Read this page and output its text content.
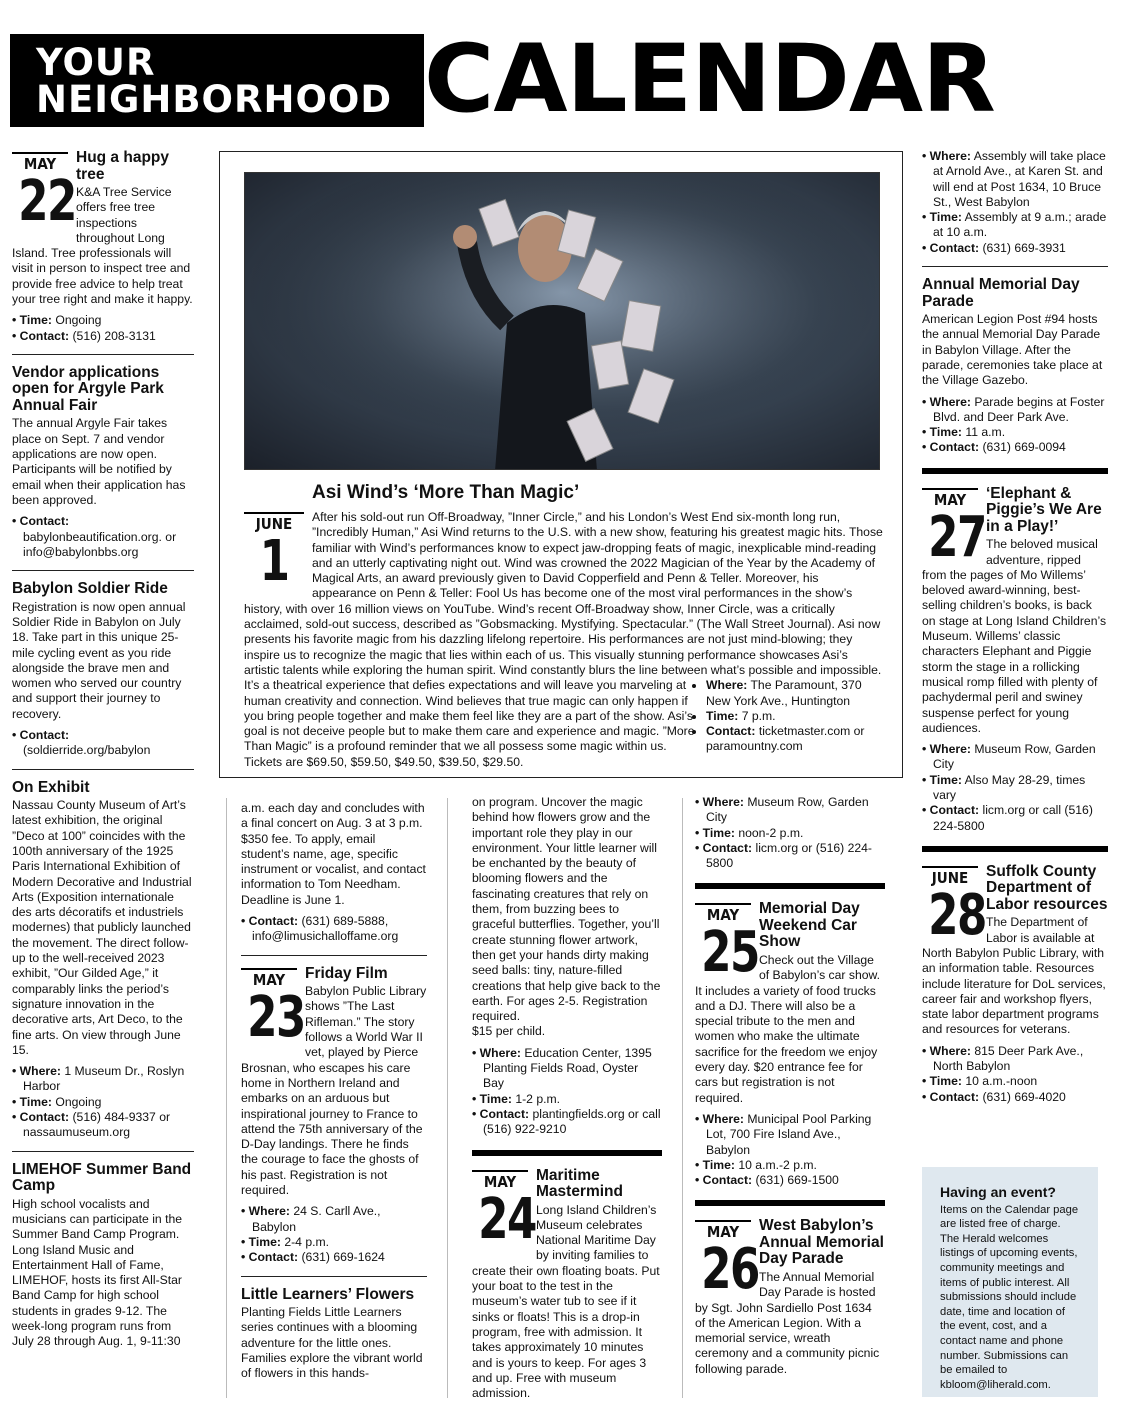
YOUR
NEIGHBORHOOD CALENDAR
MAY
22
Hug a happy tree

K&A Tree Service offers free tree inspections throughout Long Island. Tree professionals will visit in person to inspect tree and provide free advice to help treat your tree right and make it happy.

• Time: Ongoing
• Contact: (516) 208-3131
Vendor applications open for Argyle Park Annual Fair

The annual Argyle Fair takes place on Sept. 7 and vendor applications are now open. Participants will be notified by email when their application has been approved.

• Contact: babylonbeautification.org. or info@babylonbbs.org
Babylon Soldier Ride

Registration is now open annual Soldier Ride in Babylon on July 18. Take part in this unique 25-mile cycling event as you ride alongside the brave men and women who served our country and support their journey to recovery.

• Contact: (soldierride.org/babylon
On Exhibit

Nassau County Museum of Art’s latest exhibition, the original ”Deco at 100” coincides with the 100th anniversary of the 1925 Paris International Exhibition of Modern Decorative and Industrial Arts (Exposition internationale des arts décoratifs et industriels modernes) that publicly launched the movement. The direct follow-up to the well-received 2023 exhibit, ”Our Gilded Age,” it comparably links the period’s signature innovation in the decorative arts, Art Deco, to the fine arts. On view through June 15.

• Where: 1 Museum Dr., Roslyn Harbor
• Time: Ongoing
• Contact: (516) 484-9337 or nassaumuseum.org
LIMEHOF Summer Band Camp

High school vocalists and musicians can participate in the Summer Band Camp Program. Long Island Music and Entertainment Hall of Fame, LIMEHOF, hosts its first All-Star Band Camp for high school students in grades 9-12. The week-long program runs from July 28 through Aug. 1, 9-11:30

Asi Wind’s ‘More Than Magic’
JUNE
1

After his sold-out run Off-Broadway, ”Inner Circle,” and his London’s West End six-month long run, ”Incredibly Human,” Asi Wind returns to the U.S. with a new show, featuring his greatest magic hits. Those familiar with Wind’s performances know to expect jaw-dropping feats of magic, inexplicable mind-reading and an utterly captivating night out. Wind was crowned the 2022 Magician of the Year by the Academy of Magical Arts, an award previously given to David Copperfield and Penn & Teller. Moreover, his appearance on Penn & Teller: Fool Us has become one of the most viral performances in the show’s history, with over 16 million views on YouTube. Wind’s recent Off-Broadway show, Inner Circle, was a critically acclaimed, sold-out success, described as ”Gobsmacking. Mystifying. Spectacular.” (The Wall Street Journal). Asi now presents his favorite magic from his dazzling lifelong repertoire. His performances are not just mind-blowing; they inspire us to recognize the magic that lies within each of us. This visually stunning performance showcases Asi’s artistic talents while exploring the human spirit. Wind constantly blurs the line between what’s possible and impossible.

It’s a theatrical experience that defies expectations and will leave you marveling at human creativity and connection. Wind believes that true magic can only happen if you bring people together and make them feel like they are a part of the show. Asi’s goal is not deceive people but to make them care and experience and magic. ”More Than Magic” is a profound reminder that we all possess some magic within us. Tickets are $69.50, $59.50, $49.50, $39.50, $29.50.

• Where: The Paramount, 370 New York Ave., Huntington
• Time: 7 p.m.
• Contact: ticketmaster.com or paramountny.com

a.m. each day and concludes with a final concert on Aug. 3 at 3 p.m. $350 fee. To apply, email student’s name, age, specific instrument or vocalist, and contact information to Tom Needham. Deadline is June 1.

• Contact: (631) 689-5888, info@limusichalloffame.org
MAY
23
Friday Film

Babylon Public Library shows ”The Last Rifleman.” The story follows a World War II vet, played by Pierce Brosnan, who escapes his care home in Northern Ireland and embarks on an arduous but inspirational journey to France to attend the 75th anniversary of the D-Day landings. There he finds the courage to face the ghosts of his past. Registration is not required.

• Where: 24 S. Carll Ave., Babylon
• Time: 2-4 p.m.
• Contact: (631) 669-1624
Little Learners’ Flowers

Planting Fields Little Learners series continues with a blooming adventure for the little ones. Families explore the vibrant world of flowers in this hands-

on program. Uncover the magic behind how flowers grow and the important role they play in our environment. Your little learner will be enchanted by the beauty of blooming flowers and the fascinating creatures that rely on them, from buzzing bees to graceful butterflies. Together, you’ll create stunning flower artwork, then get your hands dirty making seed balls: tiny, nature-filled creations that help give back to the earth. For ages 2-5. Registration required.

$15 per child.

• Where: Education Center, 1395 Planting Fields Road, Oyster Bay
• Time: 1-2 p.m.
• Contact: plantingfields.org or call (516) 922-9210
MAY
24
Maritime Mastermind

Long Island Children’s Museum celebrates National Maritime Day by inviting families to create their own floating boats. Put your boat to the test in the museum’s water tub to see if it sinks or floats! This is a drop-in program, free with admission. It takes approximately 10 minutes and is yours to keep. For ages 3 and up. Free with museum admission.

• Where: Museum Row, Garden City
• Time: noon-2 p.m.
• Contact: licm.org or (516) 224-5800
MAY
25
Memorial Day Weekend Car Show

Check out the Village of Babylon’s car show. It includes a variety of food trucks and a DJ. There will also be a special tribute to the men and women who make the ultimate sacrifice for the freedom we enjoy every day. $20 entrance fee for cars but registration is not required.

• Where: Municipal Pool Parking Lot, 700 Fire Island Ave., Babylon
• Time: 10 a.m.-2 p.m.
• Contact: (631) 669-1500
MAY
26
West Babylon’s Annual Memorial Day Parade

The Annual Memorial Day Parade is hosted by Sgt. John Sardiello Post 1634 of the American Legion. With a memorial service, wreath ceremony and a community picnic following parade.

• Where: Assembly will take place at Arnold Ave., at Karen St. and will end at Post 1634, 10 Bruce St., West Babylon
• Time: Assembly at 9 a.m.; arade at 10 a.m.
• Contact: (631) 669-3931
Annual Memorial Day Parade

American Legion Post #94 hosts the annual Memorial Day Parade in Babylon Village. After the parade, ceremonies take place at the Village Gazebo.

• Where: Parade begins at Foster Blvd. and Deer Park Ave.
• Time: 11 a.m.
• Contact: (631) 669-0094
MAY
27
‘Elephant & Piggie’s We Are in a Play!’

The beloved musical adventure, ripped from the pages of Mo Willems’ beloved award-winning, best-selling children’s books, is back on stage at Long Island Children’s Museum. Willems’ classic characters Elephant and Piggie storm the stage in a rollicking musical romp filled with plenty of pachydermal peril and swiney suspense perfect for young audiences.

• Where: Museum Row, Garden City
• Time: Also May 28-29, times vary
• Contact: licm.org or call (516) 224-5800
JUNE
28
Suffolk County Department of Labor resources

The Department of Labor is available at North Babylon Public Library, with an information table. Resources include literature for DoL services, career fair and workshop flyers, state labor department programs and resources for veterans.

• Where: 815 Deer Park Ave., North Babylon
• Time: 10 a.m.-noon
• Contact: (631) 669-4020
Having an event?

Items on the Calendar page are listed free of charge. The Herald welcomes listings of upcoming events, community meetings and items of public interest. All submissions should include date, time and location of the event, cost, and a contact name and phone number. Submissions can be emailed to kbloom@liherald.com.
